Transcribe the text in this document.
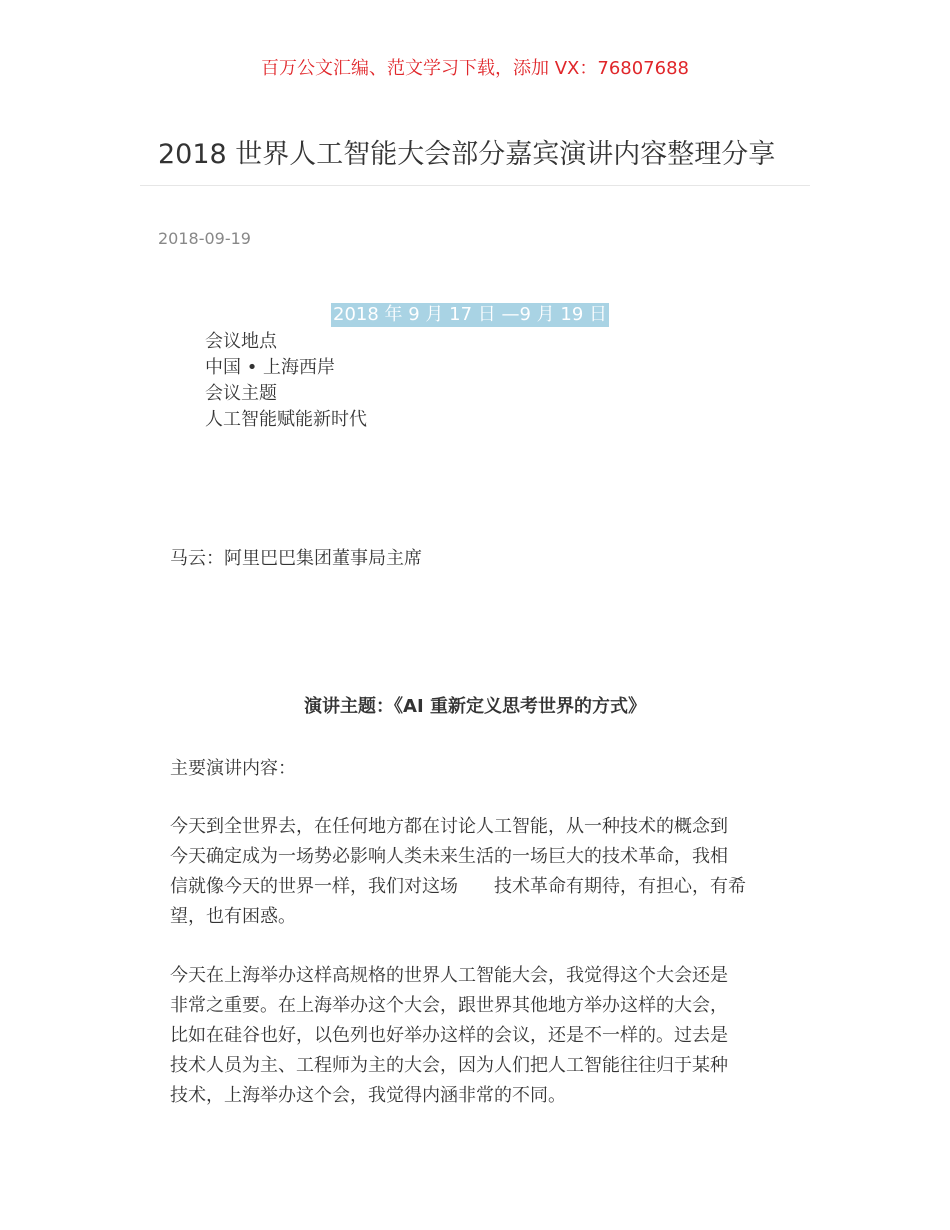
百万公文汇编、范文学习下载，添加 VX：76807688
2018 世界人工智能大会部分嘉宾演讲内容整理分享
2018-09-19
2018 年 9 月 17 日 —9 月 19 日
会议地点
中国 • 上海西岸
会议主题
人工智能赋能新时代
马云：阿里巴巴集团董事局主席
演讲主题：《AI 重新定义思考世界的方式》
主要演讲内容：
今天到全世界去，在任何地方都在讨论人工智能，从一种技术的概念到
今天确定成为一场势必影响人类未来生活的一场巨大的技术革命，我相
信就像今天的世界一样，我们对这场　　技术革命有期待，有担心，有希
望，也有困惑。
今天在上海举办这样高规格的世界人工智能大会，我觉得这个大会还是
非常之重要。在上海举办这个大会，跟世界其他地方举办这样的大会，
比如在硅谷也好，以色列也好举办这样的会议，还是不一样的。过去是
技术人员为主、工程师为主的大会，因为人们把人工智能往往归于某种
技术，上海举办这个会，我觉得内涵非常的不同。
